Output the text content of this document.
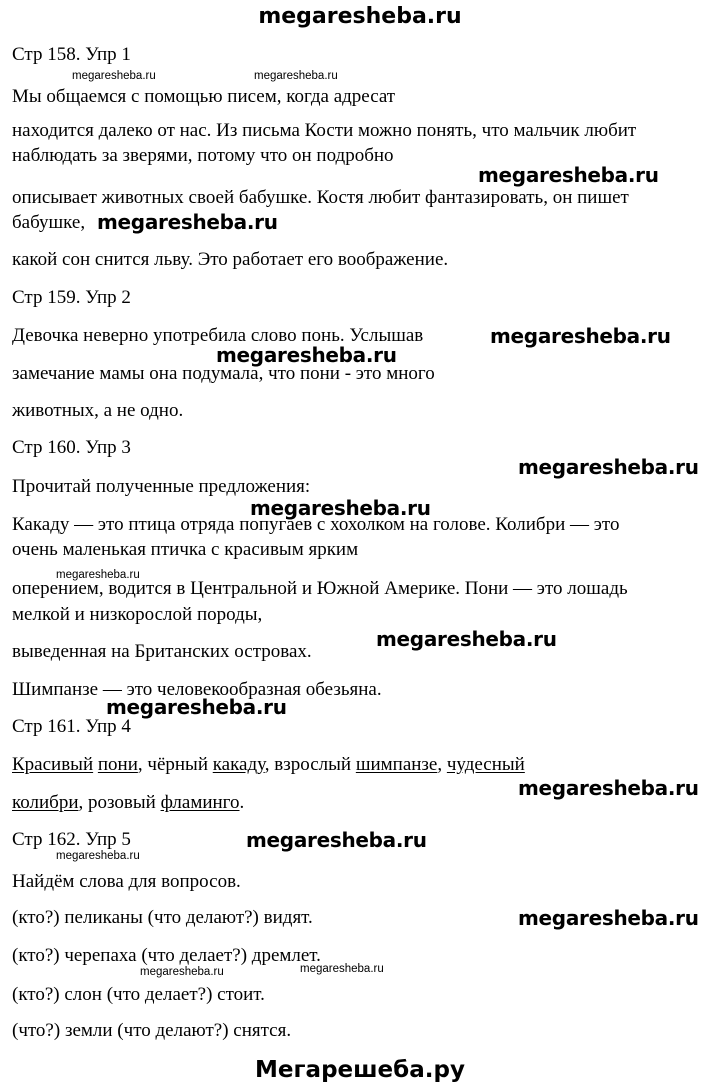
megaresheba.ru
Стр 158. Упр 1
Мы общаемся с помощью писем, когда адресат
находится далеко от нас. Из письма Кости можно понять, что мальчик любит
наблюдать за зверями, потому что он подробно
описывает животных своей бабушке. Костя любит фантазировать, он пишет
бабушке,
какой сон снится льву. Это работает его воображение.
Стр 159. Упр 2
Девочка неверно употребила слово понь. Услышав
замечание мамы она подумала, что пони - это много
животных, а не одно.
Стр 160. Упр 3
Прочитай полученные предложения:
Какаду — это птица отряда попугаев с хохолком на голове. Колибри — это
очень маленькая птичка с красивым ярким
оперением, водится в Центральной и Южной Америке. Пони — это лошадь
мелкой и низкорослой породы,
выведенная на Британских островах.
Шимпанзе — это человекообразная обезьяна.
Стр 161. Упр 4
Красивый пони, чёрный какаду, взрослый шимпанзе, чудесный
колибри, розовый фламинго.
Стр 162. Упр 5
Найдём слова для вопросов.
(кто?) пеликаны (что делают?) видят.
(кто?) черепаха (что делает?) дремлет.
(кто?) слон (что делает?) стоит.
(что?) земли (что делают?) снятся.
megaresheba.ru	megaresheba.ru
megaresheba.ru
megaresheba.ru
megaresheba.ru	megaresheba.ru
megaresheba.ru
megaresheba.ru
megaresheba.ru
megaresheba.ru
megaresheba.ru
megaresheba.ru
megaresheba.ru
megaresheba.ru
megaresheba.ru
megaresheba.ru
megaresheba.ru
Мегарешеба.ру
